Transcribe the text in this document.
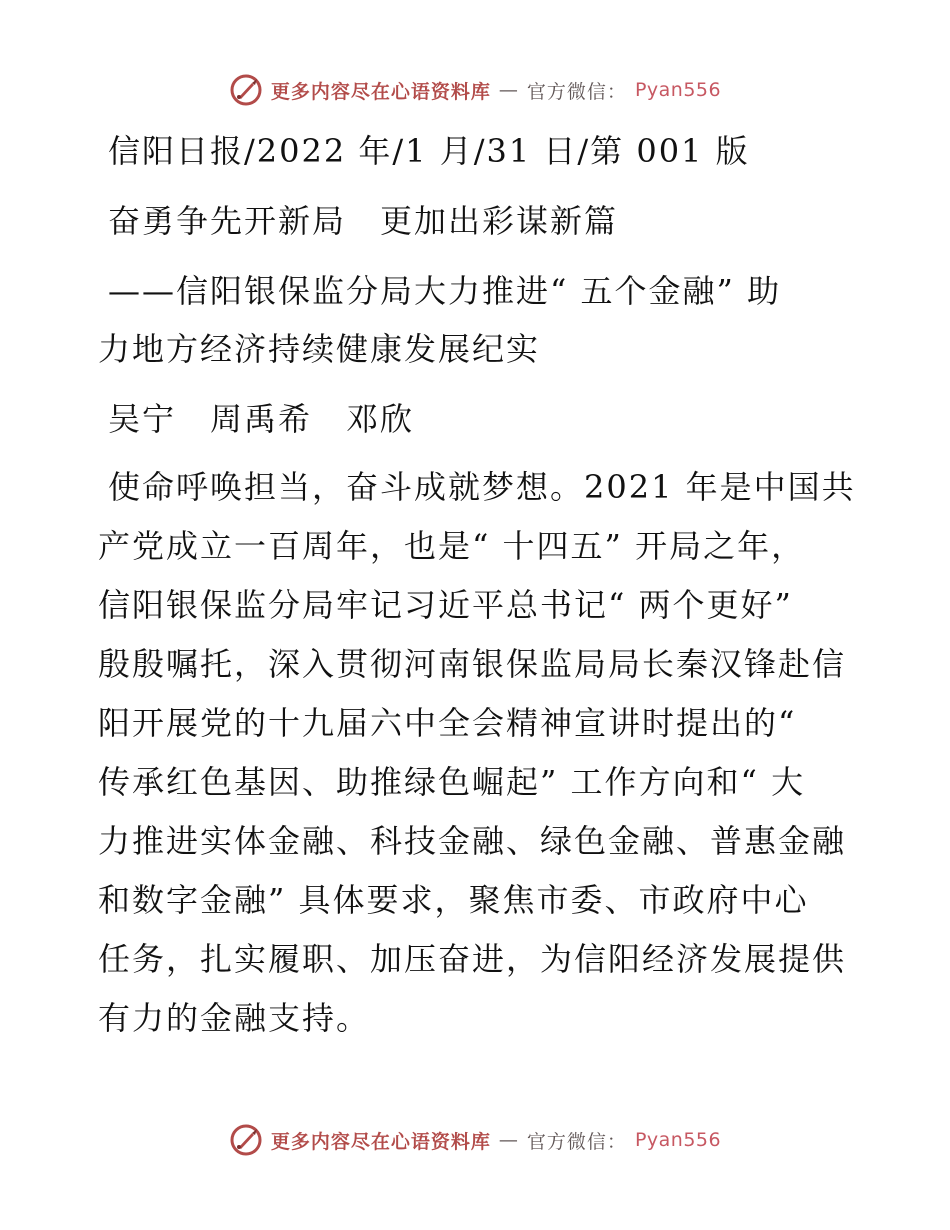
更多内容尽在心语资料库 — 官方微信： Pyan556
信阳日报/2022 年/1 月/31 日/第 001 版
奋勇争先开新局　更加出彩谋新篇
——信阳银保监分局大力推进“ 五个金融” 助
力地方经济持续健康发展纪实
吴宁　周禹希　邓欣
使命呼唤担当，奋斗成就梦想。2021 年是中国共
产党成立一百周年，也是“ 十四五” 开局之年，
信阳银保监分局牢记习近平总书记“ 两个更好”
殷殷嘱托，深入贯彻河南银保监局局长秦汉锋赴信
阳开展党的十九届六中全会精神宣讲时提出的“
传承红色基因、助推绿色崛起” 工作方向和“ 大
力推进实体金融、科技金融、绿色金融、普惠金融
和数字金融” 具体要求，聚焦市委、市政府中心
任务，扎实履职、加压奋进，为信阳经济发展提供
有力的金融支持。
更多内容尽在心语资料库 — 官方微信： Pyan556
